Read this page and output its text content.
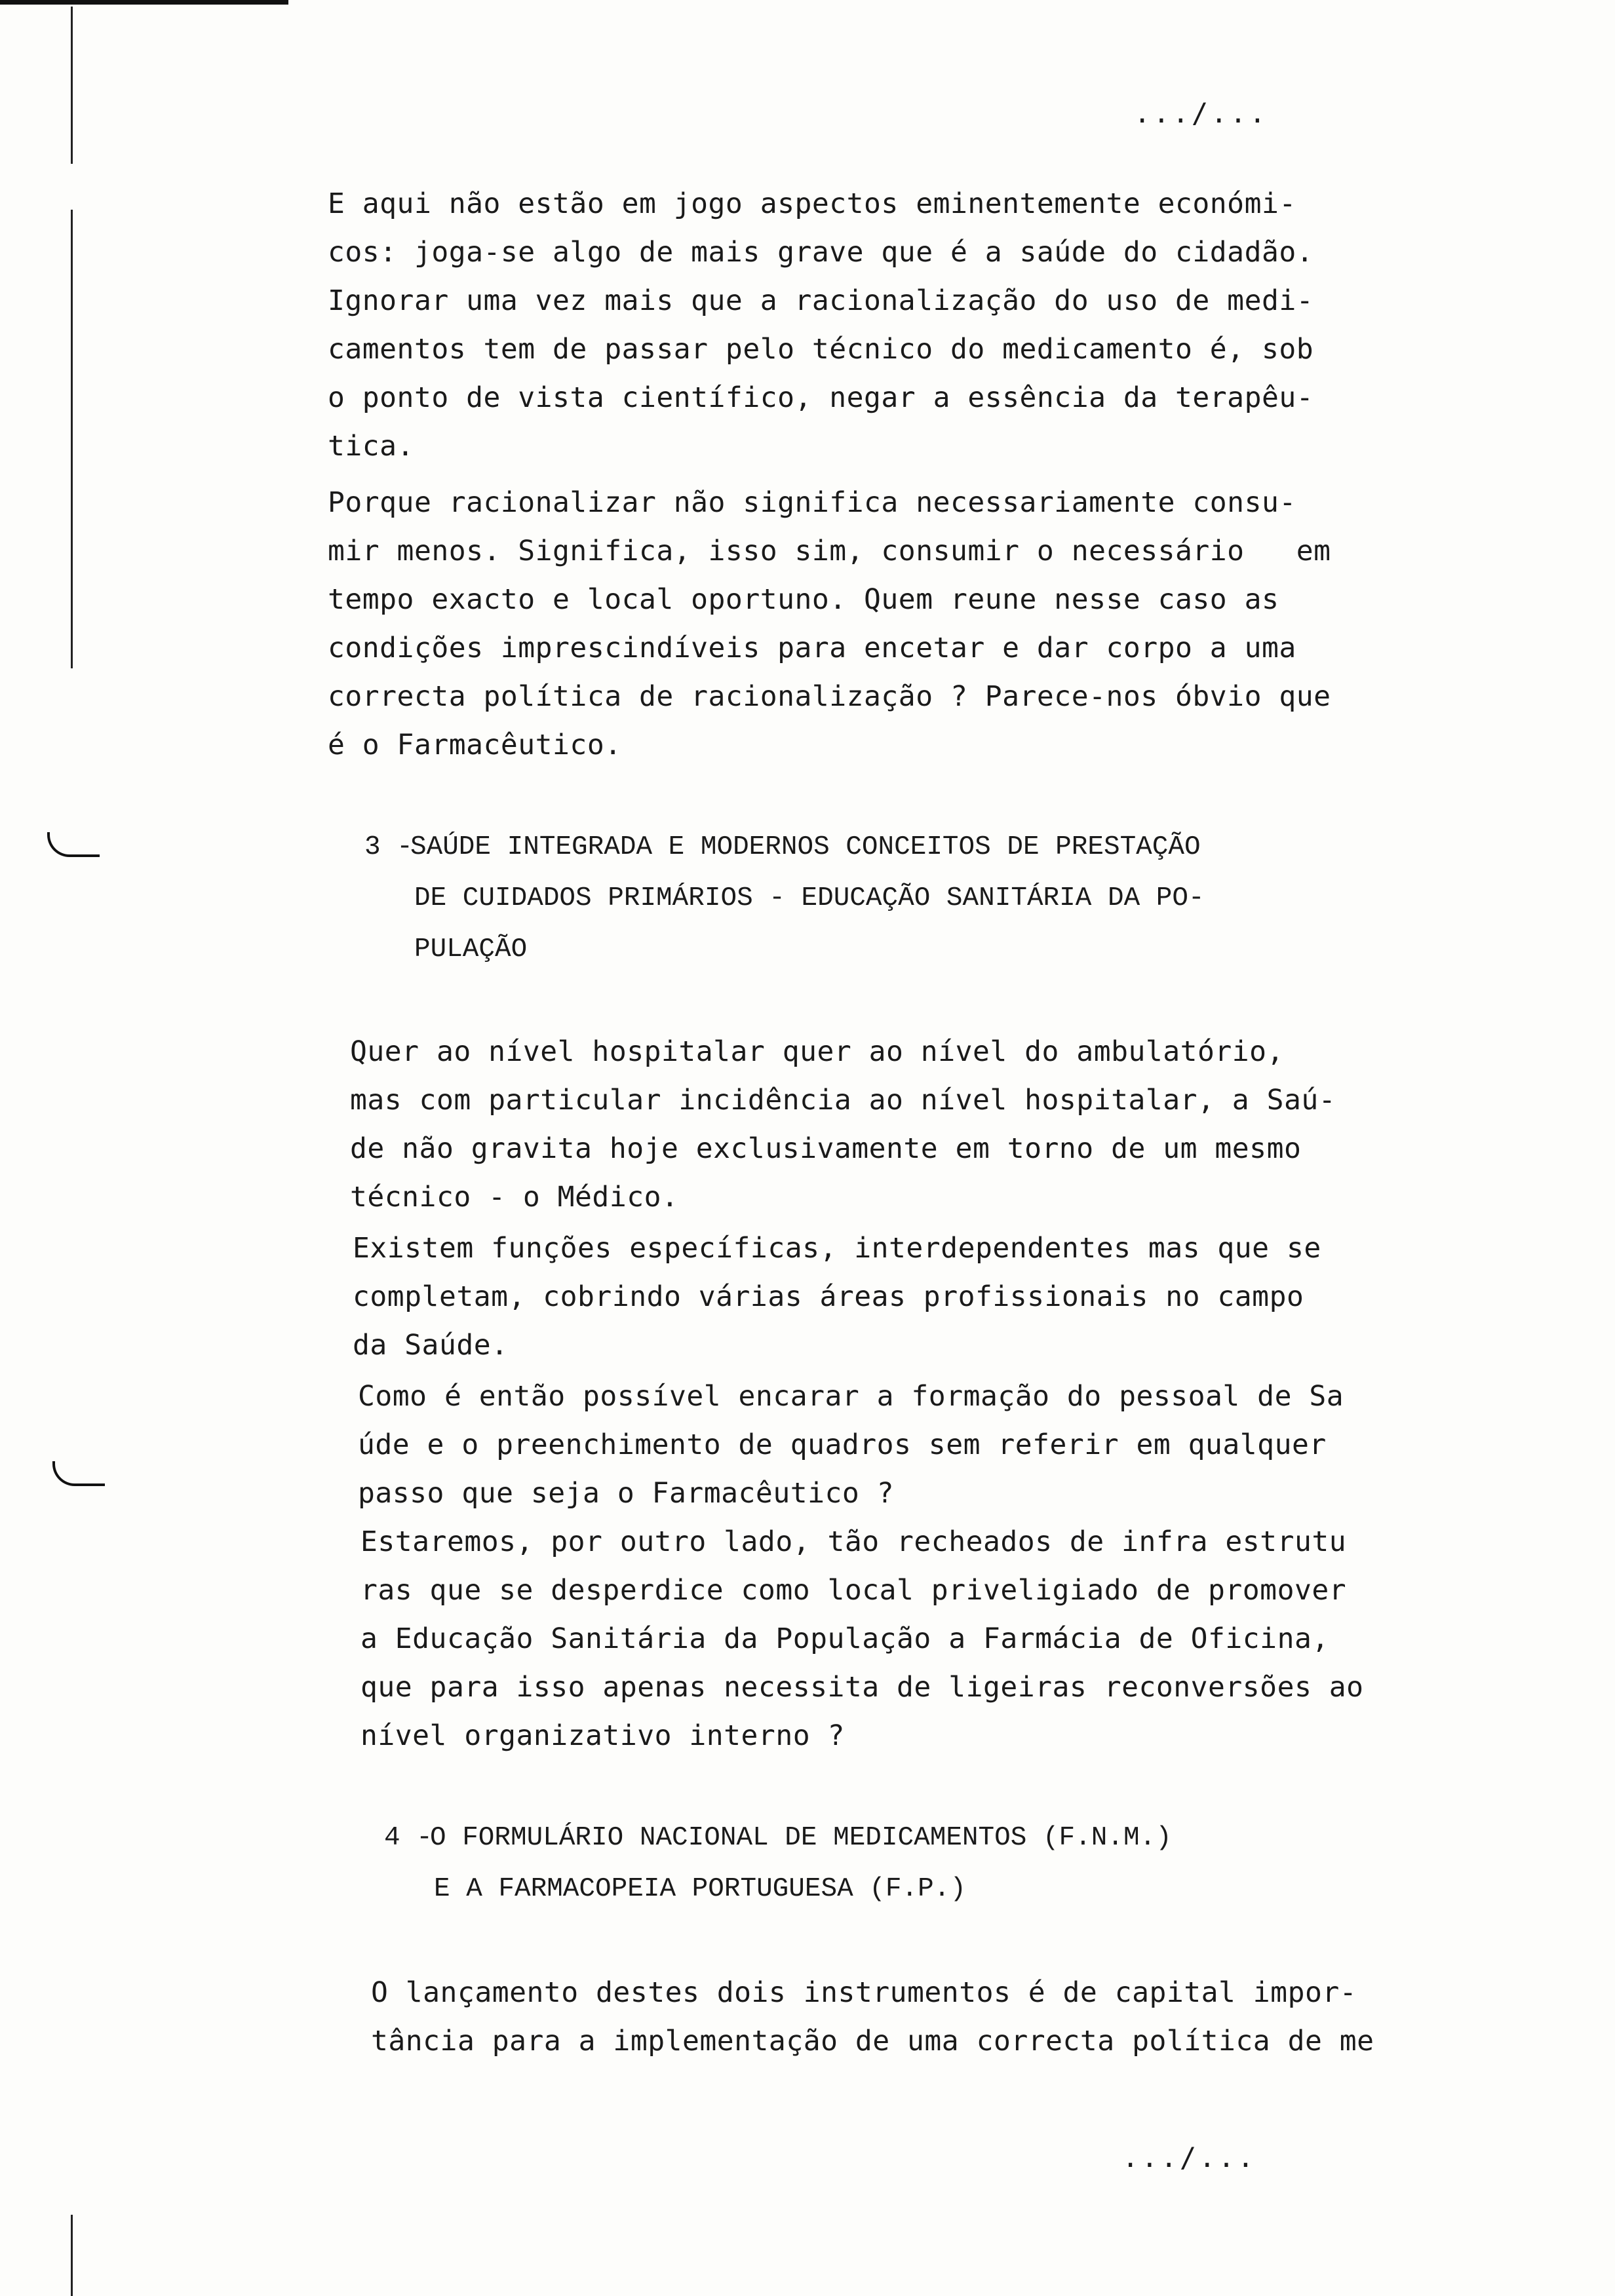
.../...
E aqui não estão em jogo aspectos eminentemente económi-
cos: joga-se algo de mais grave que é a saúde do cidadão.
Ignorar uma vez mais que a racionalização do uso de medi-
camentos tem de passar pelo técnico do medicamento é, sob
o ponto de vista científico, negar a essência da terapêu-
tica.
Porque racionalizar não significa necessariamente consu-
mir menos. Significa, isso sim, consumir o necessário   em
tempo exacto e local oportuno. Quem reune nesse caso as
condições imprescindíveis para encetar e dar corpo a uma
correcta política de racionalização ? Parece-nos óbvio que
é o Farmacêutico.
3 -SAÚDE INTEGRADA E MODERNOS CONCEITOS DE PRESTAÇÃO
DE CUIDADOS PRIMÁRIOS - EDUCAÇÃO SANITÁRIA DA PO-
PULAÇÃO
Quer ao nível hospitalar quer ao nível do ambulatório,
mas com particular incidência ao nível hospitalar, a Saú-
de não gravita hoje exclusivamente em torno de um mesmo
técnico - o Médico.
Existem funções específicas, interdependentes mas que se
completam, cobrindo várias áreas profissionais no campo
da Saúde.
Como é então possível encarar a formação do pessoal de Sa
úde e o preenchimento de quadros sem referir em qualquer
passo que seja o Farmacêutico ?
Estaremos, por outro lado, tão recheados de infra estrutu
ras que se desperdice como local priveligiado de promover
a Educação Sanitária da População a Farmácia de Oficina,
que para isso apenas necessita de ligeiras reconversões ao
nível organizativo interno ?
4 -O FORMULÁRIO NACIONAL DE MEDICAMENTOS (F.N.M.)
E A FARMACOPEIA PORTUGUESA (F.P.)
O lançamento destes dois instrumentos é de capital impor-
tância para a implementação de uma correcta política de me
.../...
